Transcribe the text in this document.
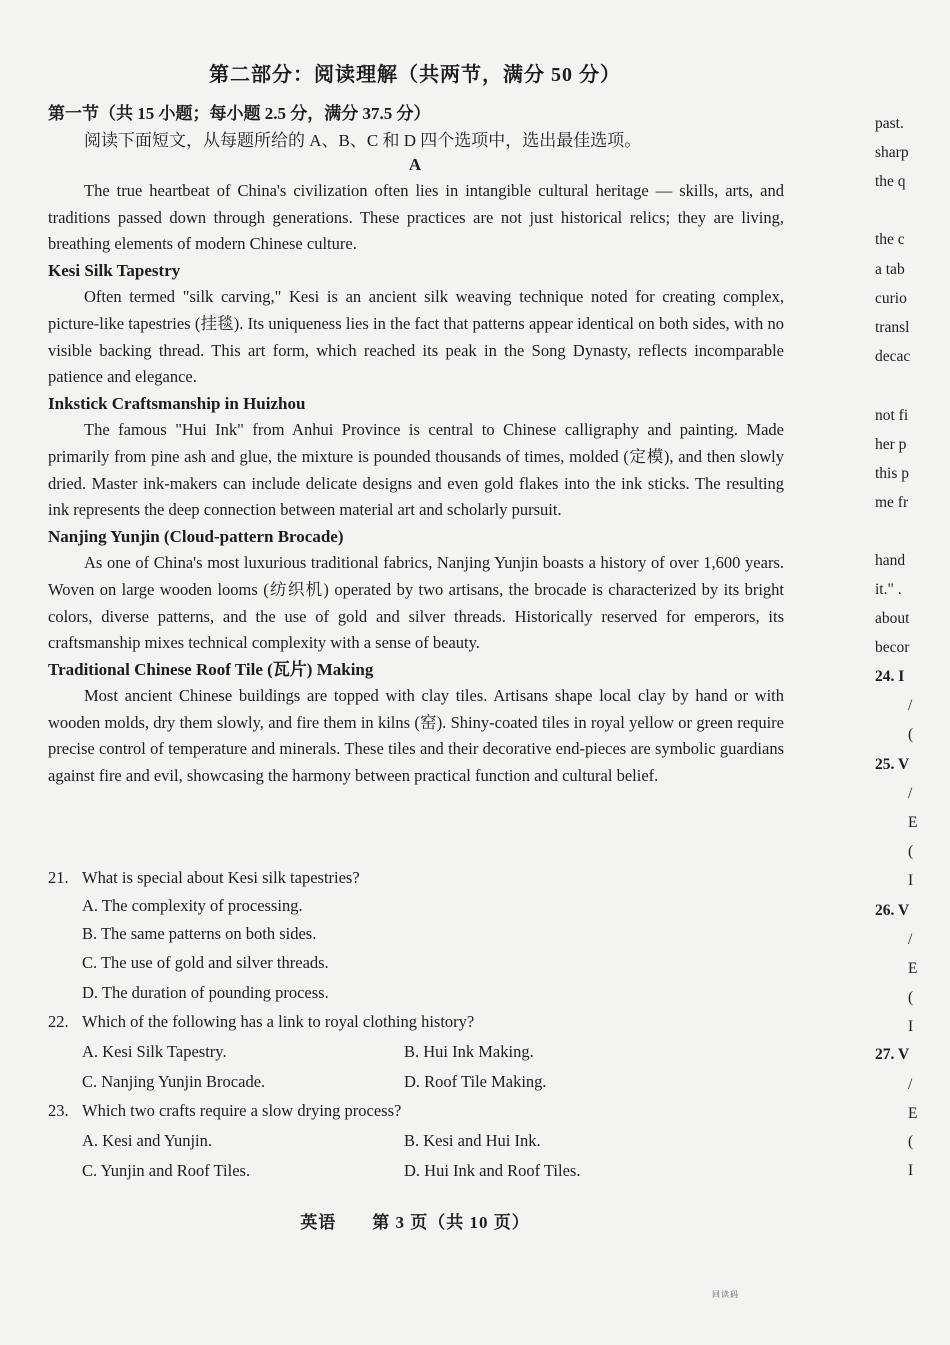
第二部分：阅读理解（共两节，满分 50 分）
第一节（共 15 小题；每小题 2.5 分，满分 37.5 分）
阅读下面短文，从每题所给的 A、B、C 和 D 四个选项中，选出最佳选项。
A

The true heartbeat of China's civilization often lies in intangible cultural heritage — skills, arts, and traditions passed down through generations. These practices are not just historical relics; they are living, breathing elements of modern Chinese culture.

Kesi Silk Tapestry

Often termed "silk carving," Kesi is an ancient silk weaving technique noted for creating complex, picture-like tapestries (挂毯). Its uniqueness lies in the fact that patterns appear identical on both sides, with no visible backing thread. This art form, which reached its peak in the Song Dynasty, reflects incomparable patience and elegance.

Inkstick Craftsmanship in Huizhou

The famous "Hui Ink" from Anhui Province is central to Chinese calligraphy and painting. Made primarily from pine ash and glue, the mixture is pounded thousands of times, molded (定模), and then slowly dried. Master ink-makers can include delicate designs and even gold flakes into the ink sticks. The resulting ink represents the deep connection between material art and scholarly pursuit.

Nanjing Yunjin (Cloud-pattern Brocade)

As one of China's most luxurious traditional fabrics, Nanjing Yunjin boasts a history of over 1,600 years. Woven on large wooden looms (纺织机) operated by two artisans, the brocade is characterized by its bright colors, diverse patterns, and the use of gold and silver threads. Historically reserved for emperors, its craftsmanship mixes technical complexity with a sense of beauty.

Traditional Chinese Roof Tile (瓦片) Making

Most ancient Chinese buildings are topped with clay tiles. Artisans shape local clay by hand or with wooden molds, dry them slowly, and fire them in kilns (窑). Shiny-coated tiles in royal yellow or green require precise control of temperature and minerals. These tiles and their decorative end-pieces are symbolic guardians against fire and evil, showcasing the harmony between practical function and cultural belief.

21. What is special about Kesi silk tapestries?
A. The complexity of processing.
B. The same patterns on both sides.
C. The use of gold and silver threads.
D. The duration of pounding process.
22. Which of the following has a link to royal clothing history?
A. Kesi Silk Tapestry.	B. Hui Ink Making.
C. Nanjing Yunjin Brocade.	D. Roof Tile Making.
23. Which two crafts require a slow drying process?
A. Kesi and Yunjin.	B. Kesi and Hui Ink.
C. Yunjin and Roof Tiles.	D. Hui Ink and Roof Tiles.
英语　　第 3 页（共 10 页）
past.
sharp
the q
the c
a tab
curio
transl
decac
not fi
her p
this p
me fr
hand
it." .
about
becor
24. I
/
(
25. V
/
E
(
I
26. V
/
E
(
I
27. V
/
E
(
I
回读码
